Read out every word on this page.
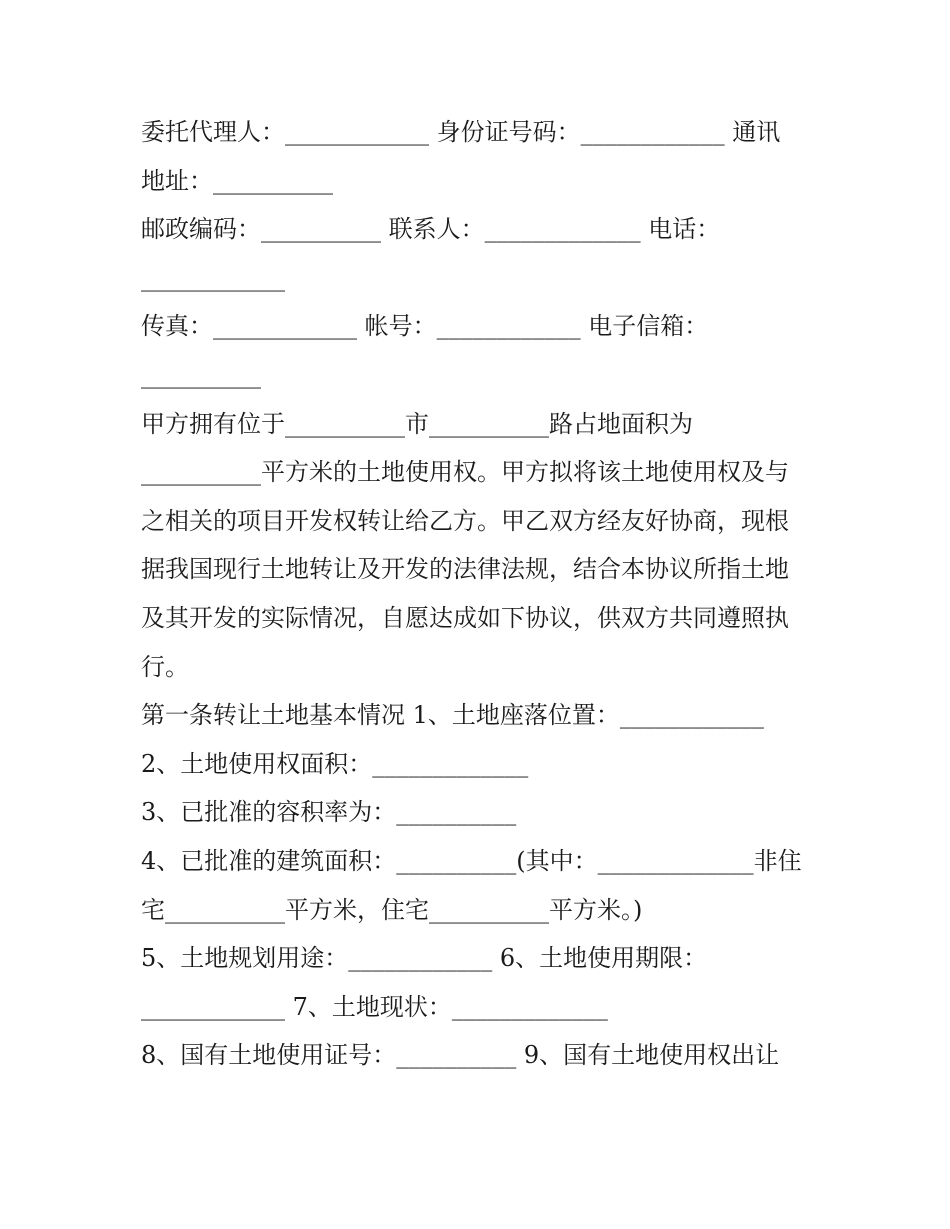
委托代理人：____________ 身份证号码：____________ 通讯
地址：__________
邮政编码：__________ 联系人：_____________ 电话：
____________
传真：____________ 帐号：____________ 电子信箱：
__________
甲方拥有位于__________市__________路占地面积为
__________平方米的土地使用权。甲方拟将该土地使用权及与
之相关的项目开发权转让给乙方。甲乙双方经友好协商，现根
据我国现行土地转让及开发的法律法规，结合本协议所指土地
及其开发的实际情况，自愿达成如下协议，供双方共同遵照执
行。
第一条转让土地基本情况 1、土地座落位置：____________
2、土地使用权面积：_____________
3、已批准的容积率为：__________
4、已批准的建筑面积：__________(其中：_____________非住
宅__________平方米，住宅__________平方米。)
5、土地规划用途：____________ 6、土地使用期限：
____________ 7、土地现状：_____________
8、国有土地使用证号：__________ 9、国有土地使用权出让
